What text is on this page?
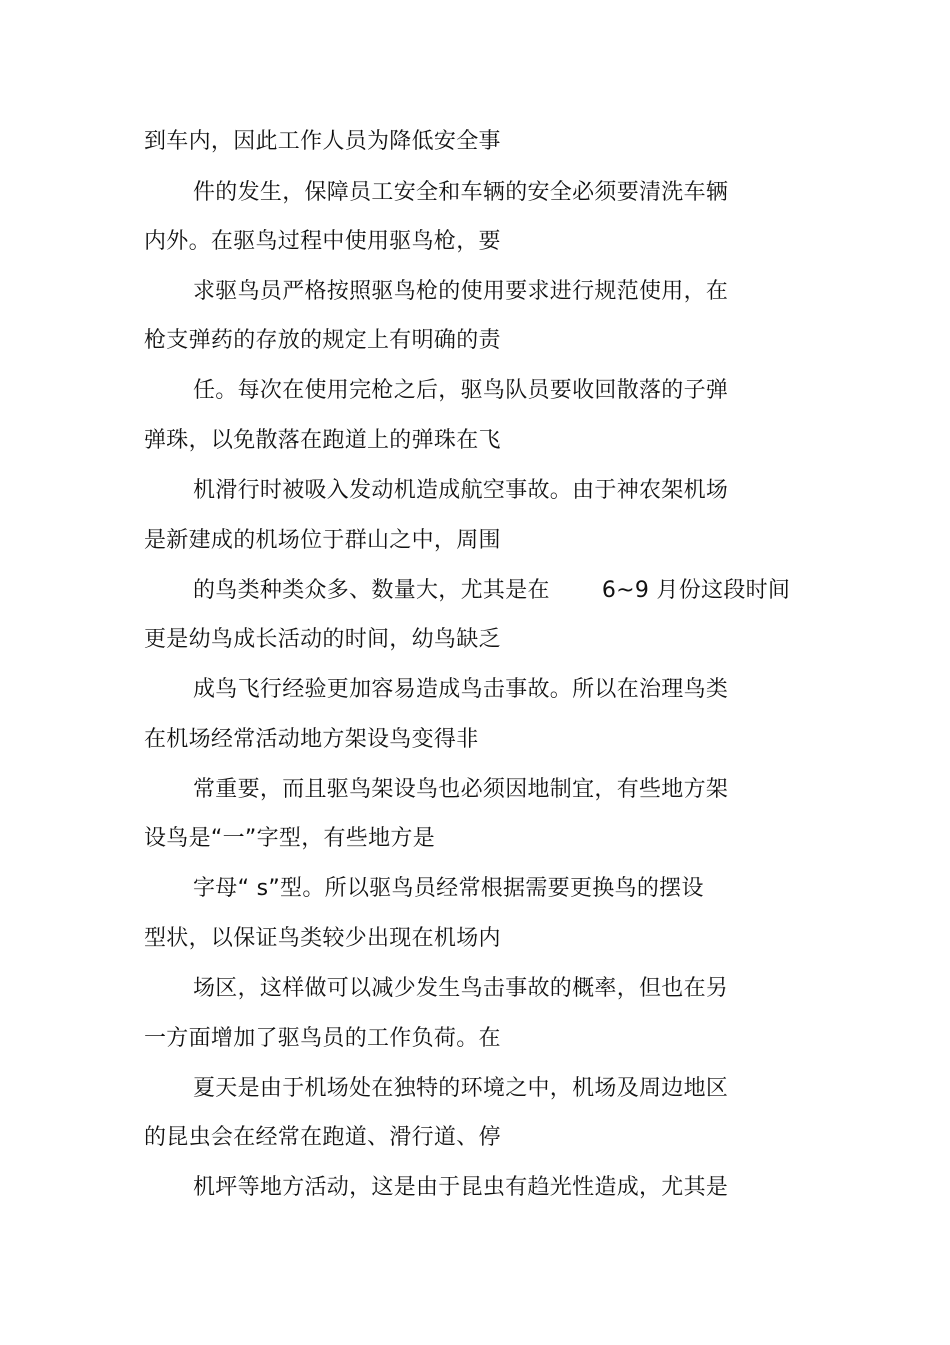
到车内，因此工作人员为降低安全事
件的发生，保障员工安全和车辆的安全必须要清洗车辆
内外。在驱鸟过程中使用驱鸟枪，要
求驱鸟员严格按照驱鸟枪的使用要求进行规范使用，在
枪支弹药的存放的规定上有明确的责
任。每次在使用完枪之后，驱鸟队员要收回散落的子弹
弹珠，以免散落在跑道上的弹珠在飞
机滑行时被吸入发动机造成航空事故。由于神农架机场
是新建成的机场位于群山之中，周围
的鸟类种类众多、数量大，尤其是在 6~9 月份这段时间
更是幼鸟成长活动的时间，幼鸟缺乏
成鸟飞行经验更加容易造成鸟击事故。所以在治理鸟类
在机场经常活动地方架设鸟变得非
常重要，而且驱鸟架设鸟也必须因地制宜，有些地方架
设鸟是“一”字型，有些地方是
字母“ s”型。所以驱鸟员经常根据需要更换鸟的摆设
型状，以保证鸟类较少出现在机场内
场区，这样做可以减少发生鸟击事故的概率，但也在另
一方面增加了驱鸟员的工作负荷。在
夏天是由于机场处在独特的环境之中，机场及周边地区
的昆虫会在经常在跑道、滑行道、停
机坪等地方活动，这是由于昆虫有趋光性造成，尤其是
